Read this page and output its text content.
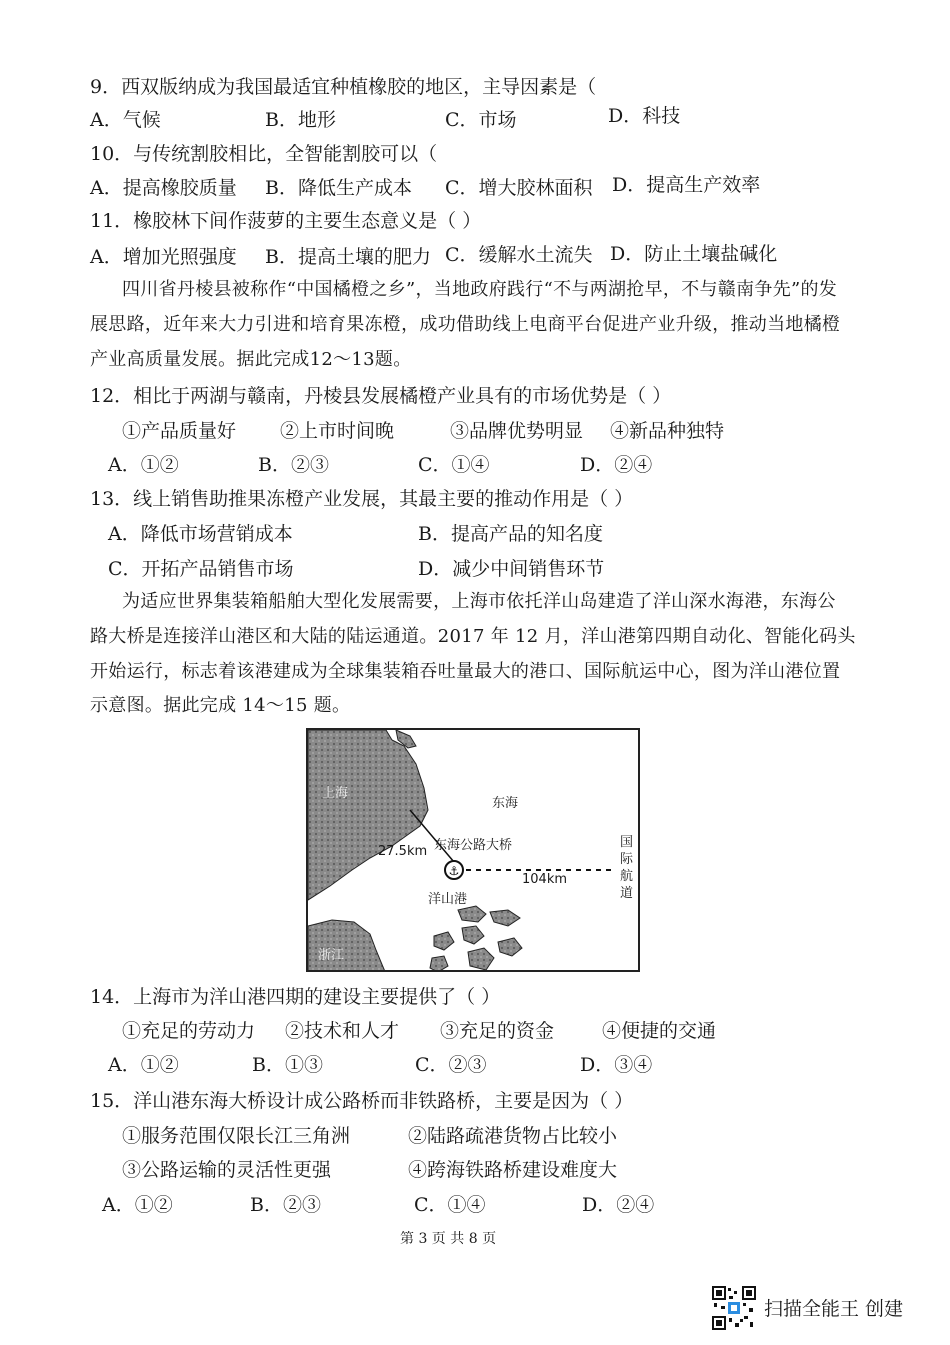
9．西双版纳成为我国最适宜种植橡胶的地区，主导因素是（
A．气候	B．地形	C．市场	D．科技
10．与传统割胶相比，全智能割胶可以（
A．提高橡胶质量 B．降低生产成本 C．增大胶林面积 D．提高生产效率
11．橡胶林下间作菠萝的主要生态意义是（ ）
A．增加光照强度 B．提高土壤的肥力 C．缓解水土流失 D．防止土壤盐碱化
四川省丹棱县被称作“中国橘橙之乡”，当地政府践行“不与两湖抢早，不与赣南争先”的发
展思路，近年来大力引进和培育果冻橙，成功借助线上电商平台促进产业升级，推动当地橘橙
产业高质量发展。据此完成12～13题。
12．相比于两湖与赣南，丹棱县发展橘橙产业具有的市场优势是（ ）
①产品质量好 ②上市时间晚	③品牌优势明显 ④新品种独特
A．①②	B．②③	C．①④	D．②④
13．线上销售助推果冻橙产业发展，其最主要的推动作用是（ ）
A．降低市场营销成本	B．提高产品的知名度
C．开拓产品销售市场	D．减少中间销售环节
为适应世界集装箱船舶大型化发展需要，上海市依托洋山岛建造了洋山深水海港，东海公
路大桥是连接洋山港区和大陆的陆运通道。2017 年 12 月，洋山港第四期自动化、智能化码头
开始运行，标志着该港建成为全球集装箱吞吐量最大的港口、国际航运中心，图为洋山港位置
示意图。据此完成 14～15 题。
⚓
上海
东海
东海公路大桥
27.5km
104km
洋山港
国际航道
浙江
14．上海市为洋山港四期的建设主要提供了（ ）
①充足的劳动力 ②技术和人才 ③充足的资金	④便捷的交通
A．①②	B．①③	C．②③	D．③④
15．洋山港东海大桥设计成公路桥而非铁路桥，主要是因为（ ）
①服务范围仅限长江三角洲	②陆路疏港货物占比较小
③公路运输的灵活性更强	④跨海铁路桥建设难度大
A．①②	B．②③	C．①④	D．②④
第 3 页 共 8 页
扫描全能王 创建
